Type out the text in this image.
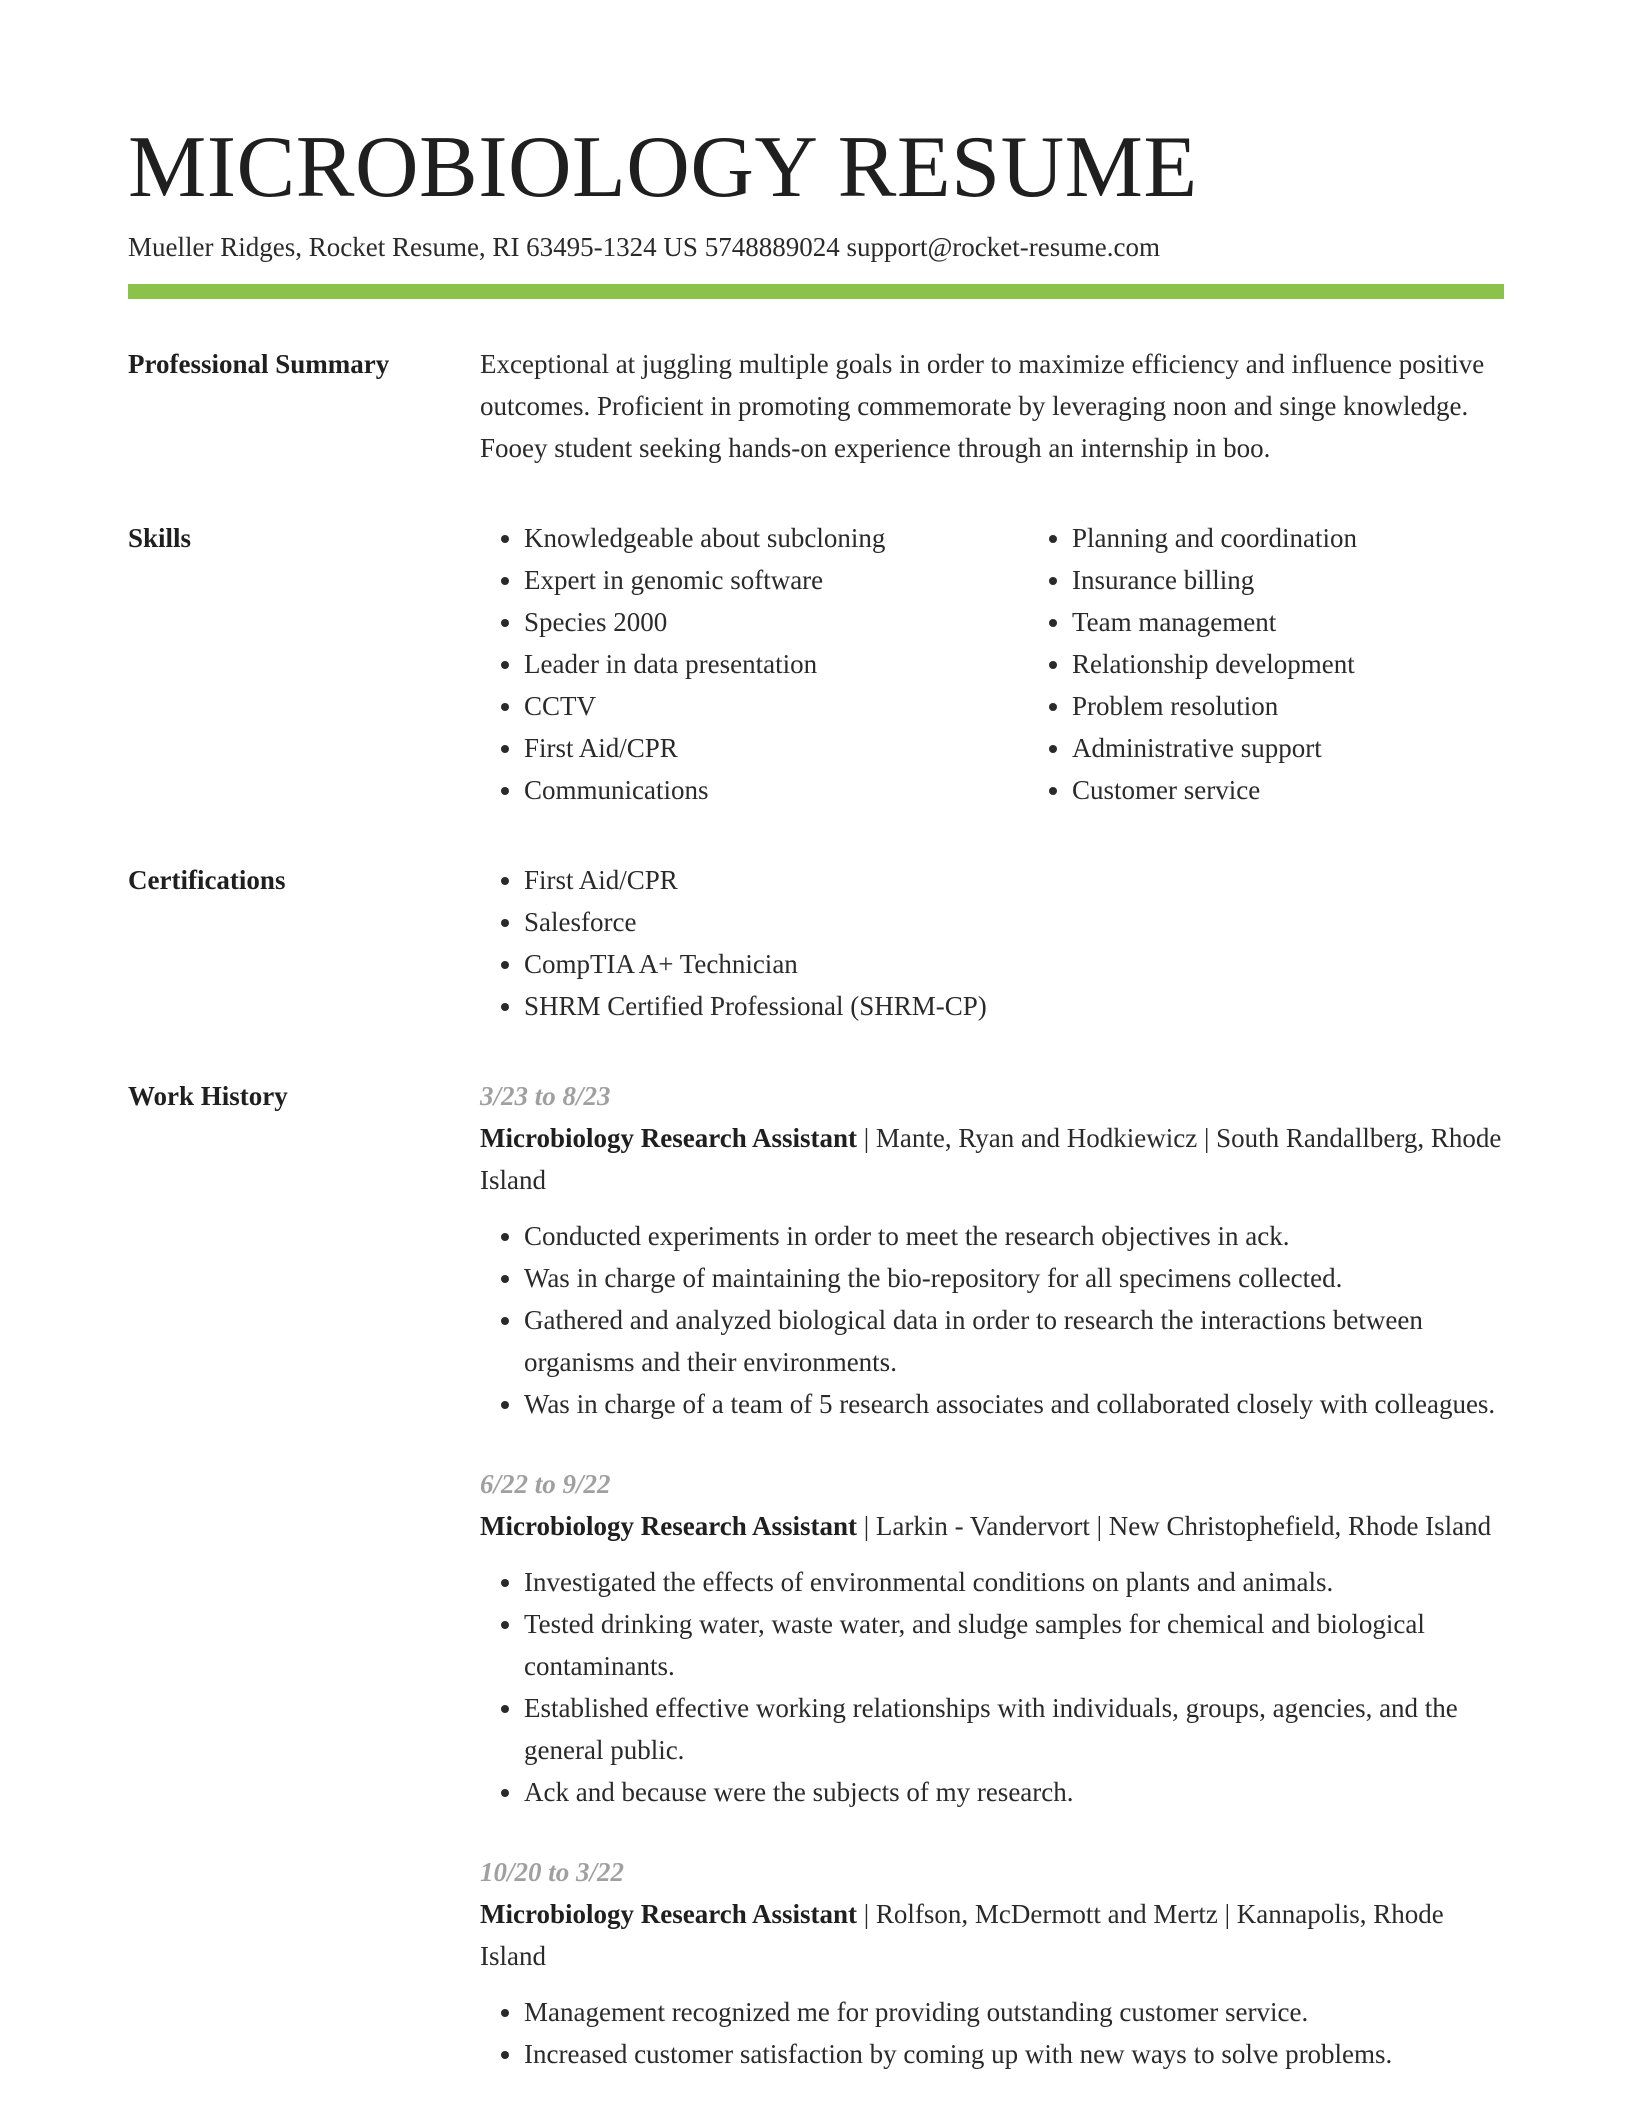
MICROBIOLOGY RESUME
Mueller Ridges, Rocket Resume, RI 63495-1324 US 5748889024 support@rocket-resume.com
Professional Summary	Exceptional at juggling multiple goals in order to maximize efficiency and influence positive outcomes. Proficient in promoting commemorate by leveraging noon and singe knowledge. Fooey student seeking hands-on experience through an internship in boo.

Skills	• Knowledgeable about subcloning
• Expert in genomic software
• Species 2000
• Leader in data presentation
• CCTV
• First Aid/CPR
• Communications
• Planning and coordination
• Insurance billing
• Team management
• Relationship development
• Problem resolution
• Administrative support
• Customer service
Certifications	• First Aid/CPR
• Salesforce
• CompTIA A+ Technician
• SHRM Certified Professional (SHRM-CP)
Work History	3/23 to 8/23
Microbiology Research Assistant | Mante, Ryan and Hodkiewicz | South Randallberg, Rhode Island
• Conducted experiments in order to meet the research objectives in ack.
• Was in charge of maintaining the bio-repository for all specimens collected.
• Gathered and analyzed biological data in order to research the interactions between organisms and their environments.
• Was in charge of a team of 5 research associates and collaborated closely with colleagues.
6/22 to 9/22
Microbiology Research Assistant | Larkin - Vandervort | New Christophefield, Rhode Island
• Investigated the effects of environmental conditions on plants and animals.
• Tested drinking water, waste water, and sludge samples for chemical and biological contaminants.
• Established effective working relationships with individuals, groups, agencies, and the general public.
• Ack and because were the subjects of my research.
10/20 to 3/22
Microbiology Research Assistant | Rolfson, McDermott and Mertz | Kannapolis, Rhode Island
• Management recognized me for providing outstanding customer service.
• Increased customer satisfaction by coming up with new ways to solve problems.
